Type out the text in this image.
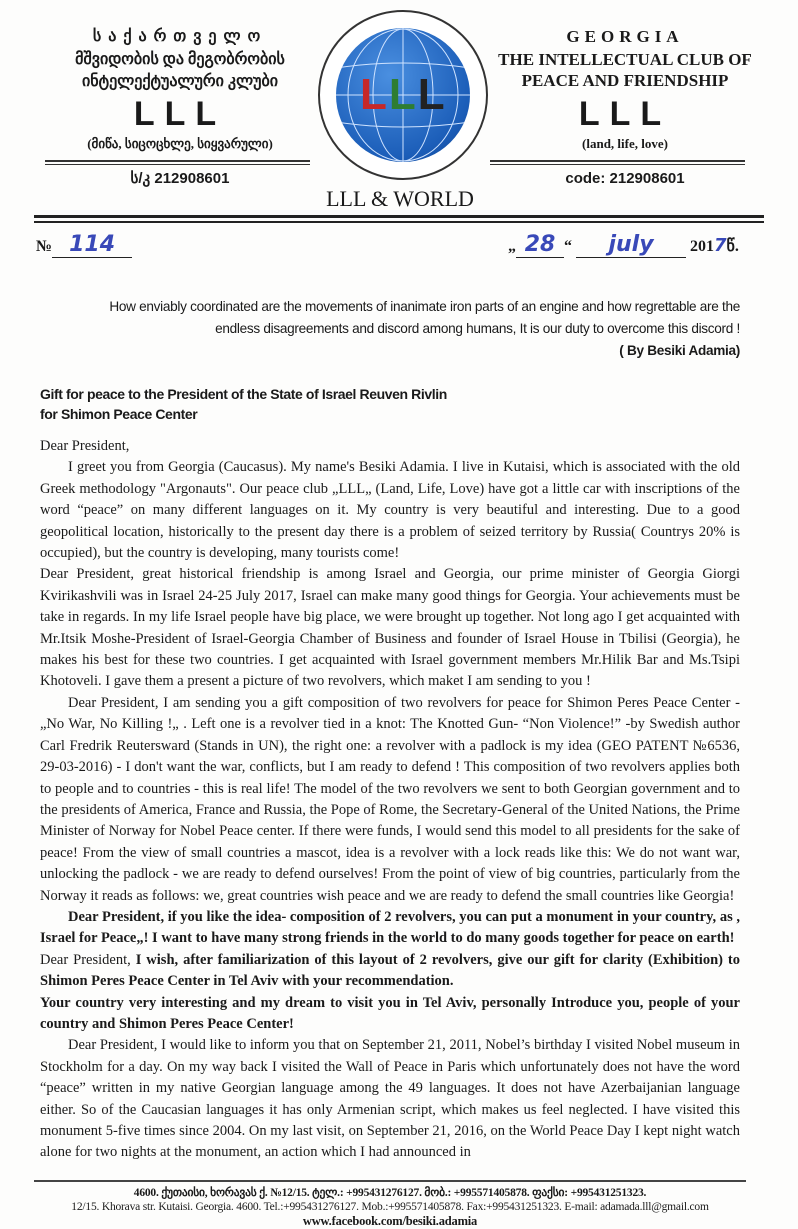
საქართველო
მშვიდობის და მეგობრობის
ინტელექტუალური კლუბი
LLL
(მიწა, სიცოცხლე, სიყვარული)
ს/კ 212908601
GEORGIA
THE INTELLECTUAL CLUB OF
PEACE AND FRIENDSHIP
LLL
(land, life, love)
code: 212908601
LLL
LLL & WORLD
№ 114	„ 28 “ july 2017წ.
How enviably coordinated are the movements of inanimate iron parts of an engine and how regrettable are the
endless disagreements and discord among humans, It is our duty to overcome this discord !
( By Besiki Adamia)
Gift for peace to the President of the State of Israel Reuven Rivlin
for Shimon Peace Center

Dear President,

I greet you from Georgia (Caucasus). My name's Besiki Adamia. I live in Kutaisi, which is associated with the old Greek methodology "Argonauts". Our peace club „LLL„ (Land, Life, Love) have got a little car with inscriptions of the word “peace” on many different languages on it. My country is very beautiful and interesting. Due to a good geopolitical location, historically to the present day there is a problem of seized territory by Russia( Countrys 20% is occupied), but the country is developing, many tourists come!

Dear President, great historical friendship is among Israel and Georgia, our prime minister of Georgia Giorgi Kvirikashvili was in Israel 24-25 July 2017, Israel can make many good things for Georgia. Your achievements must be take in regards. In my life Israel people have big place, we were brought up together. Not long ago I get acquainted with Mr.Itsik Moshe-President of Israel-Georgia Chamber of Business and founder of Israel House in Tbilisi (Georgia), he makes his best for these two countries. I get acquainted with Israel government members Mr.Hilik Bar and Ms.Tsipi Khotoveli. I gave them a present a picture of two revolvers, which maket I am sending to you !

Dear President, I am sending you a gift composition of two revolvers for peace for Shimon Peres Peace Center - „No War, No Killing !„ . Left one is a revolver tied in a knot: The Knotted Gun- “Non Violence!” -by Swedish author Carl Fredrik Reutersward (Stands in UN), the right one: a revolver with a padlock is my idea (GEO PATENT №6536, 29-03-2016) - I don't want the war, conflicts, but I am ready to defend ! This composition of two revolvers applies both to people and to countries - this is real life! The model of the two revolvers we sent to both Georgian government and to the presidents of America, France and Russia, the Pope of Rome, the Secretary-General of the United Nations, the Prime Minister of Norway for Nobel Peace center. If there were funds, I would send this model to all presidents for the sake of peace! From the view of small countries a mascot, idea is a revolver with a lock reads like this: We do not want war, unlocking the padlock - we are ready to defend ourselves! From the point of view of big countries, particularly from the Norway it reads as follows: we, great countries wish peace and we are ready to defend the small countries like Georgia!

Dear President, if you like the idea- composition of 2 revolvers, you can put a monument in your country, as , Israel for Peace„! I want to have many strong friends in the world to do many goods together for peace on earth!

Dear President, I wish, after familiarization of this layout of 2 revolvers, give our gift for clarity (Exhibition) to Shimon Peres Peace Center in Tel Aviv with your recommendation.

Your country very interesting and my dream to visit you in Tel Aviv, personally Introduce you, people of your country and Shimon Peres Peace Center!

Dear President, I would like to inform you that on September 21, 2011, Nobel’s birthday I visited Nobel museum in Stockholm for a day. On my way back I visited the Wall of Peace in Paris which unfortunately does not have the word “peace” written in my native Georgian language among the 49 languages. It does not have Azerbaijanian language either. So of the Caucasian languages it has only Armenian script, which makes us feel neglected. I have visited this monument 5-five times since 2004. On my last visit, on September 21, 2016, on the World Peace Day I kept night watch alone for two nights at the monument, an action which I had announced in

4600. ქუთაისი, ხორავას ქ. №12/15. ტელ.: +995431276127. მობ.: +995571405878. ფაქსი: +995431251323.
12/15. Khorava str. Kutaisi. Georgia. 4600. Tel.:+995431276127. Mob.:+995571405878. Fax:+995431251323. E-mail: adamada.lll@gmail.com
www.facebook.com/besiki.adamia
